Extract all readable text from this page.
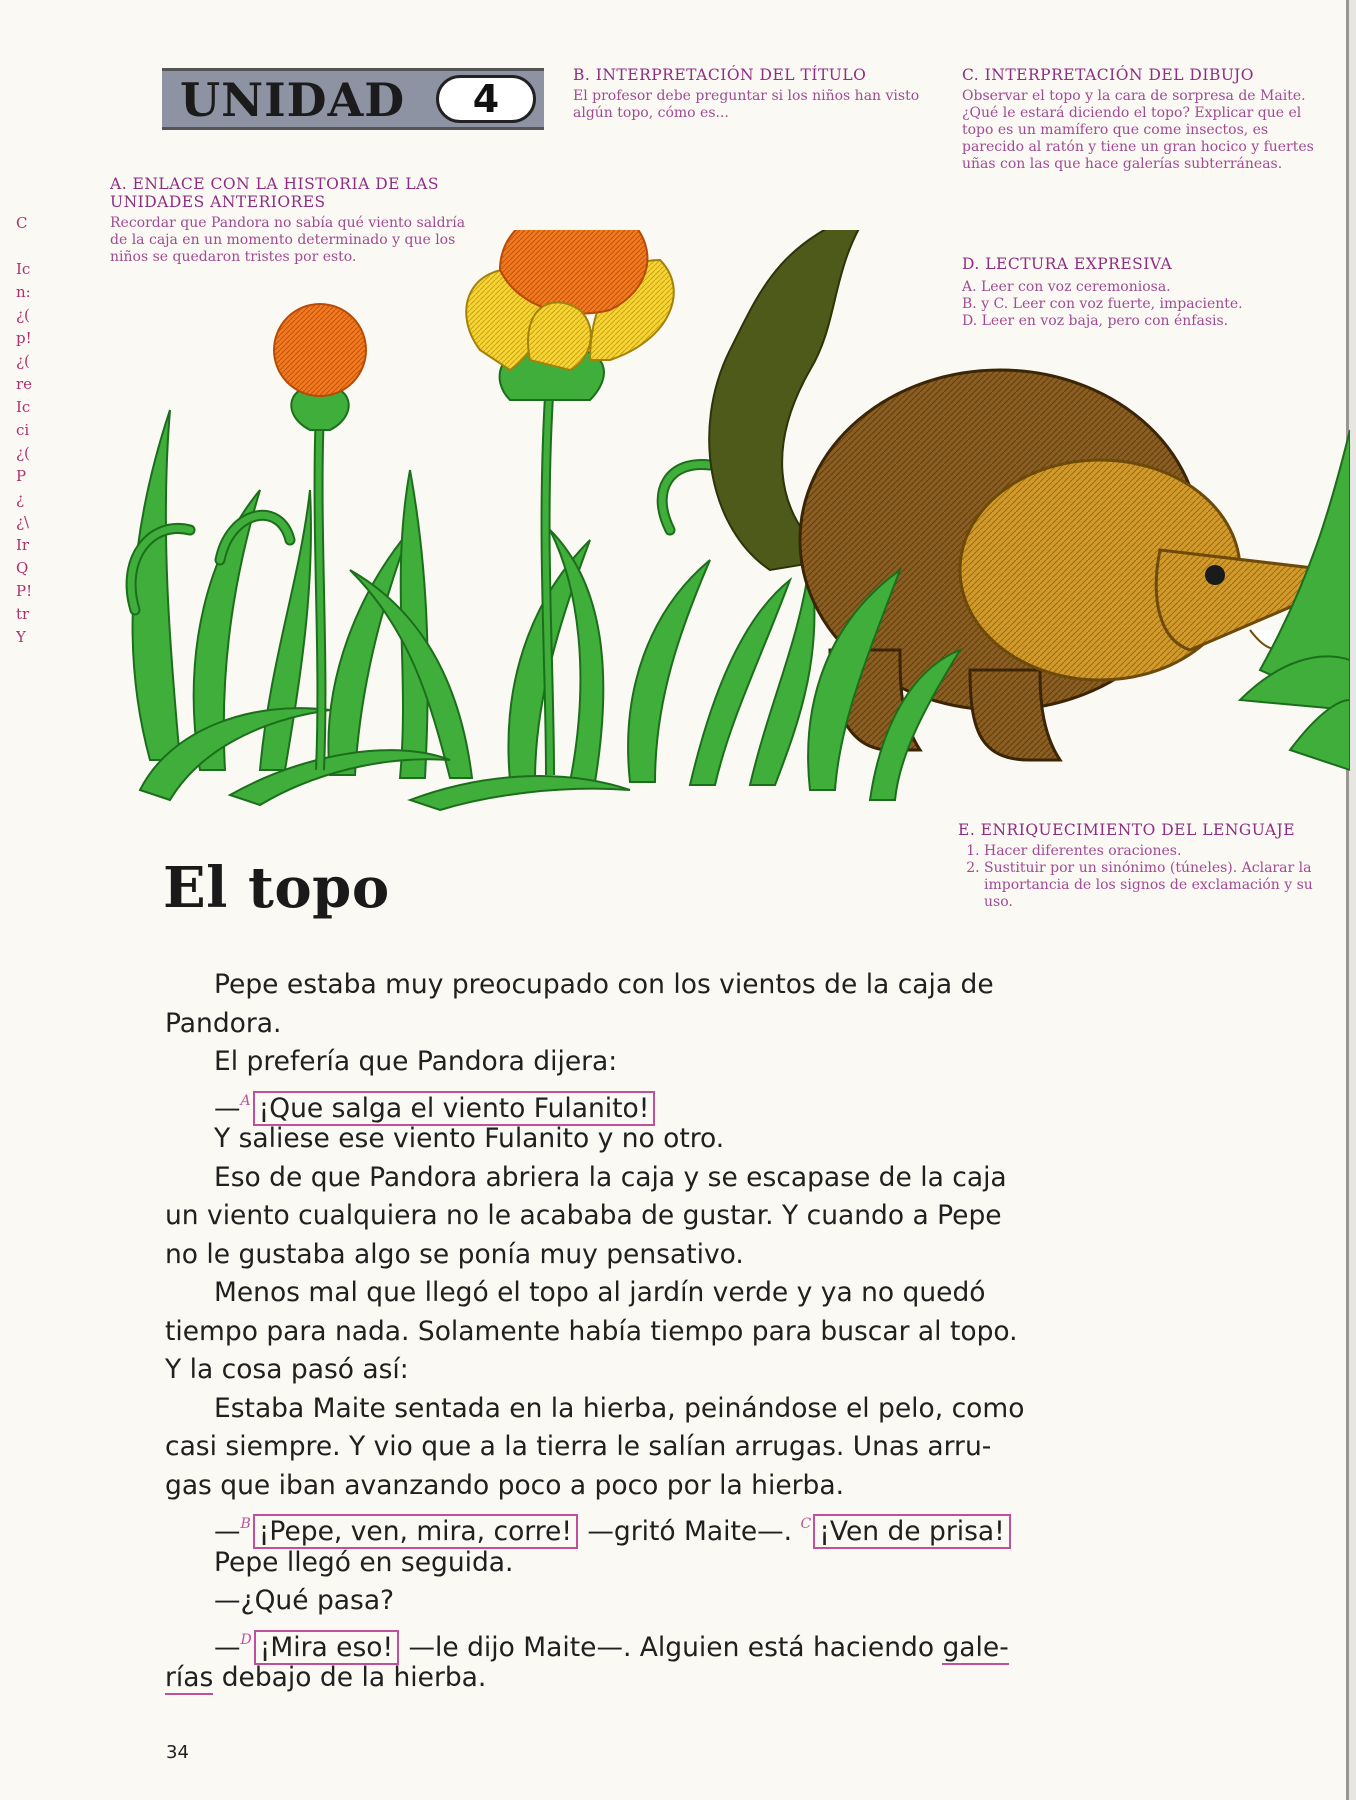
C
Ic
n:
¿(
p!
¿(
re
Ic
ci
¿(
P
¿
¿\
Ir
Q
P!
tr
Y
UNIDAD	4
A. ENLACE CON LA HISTORIA DE LAS UNIDADES ANTERIORES

Recordar que Pandora no sabía qué viento saldría de la caja en un momento determinado y que los niños se quedaron tristes por esto.

B. INTERPRETACIÓN DEL TÍTULO

El profesor debe preguntar si los niños han visto algún topo, cómo es...

C. INTERPRETACIÓN DEL DIBUJO

Observar el topo y la cara de sorpresa de Maite. ¿Qué le estará diciendo el topo? Explicar que el topo es un mamífero que come insectos, es parecido al ratón y tiene un gran hocico y fuertes uñas con las que hace galerías subterráneas.

D. LECTURA EXPRESIVA

A. Leer con voz ceremoniosa.

B. y C. Leer con voz fuerte, impaciente.

D. Leer en voz baja, pero con énfasis.

E. ENRIQUECIMIENTO DEL LENGUAJE
1. Hacer diferentes oraciones.
2. Sustituir por un sinónimo (túneles). Aclarar la importancia de los signos de exclamación y su uso.
El topo
Pepe estaba muy preocupado con los vientos de la caja de
Pandora.
El prefería que Pandora dijera:
—$^A$ ¡Que salga el viento Fulanito!
Y saliese ese viento Fulanito y no otro.
Eso de que Pandora abriera la caja y se escapase de la caja
un viento cualquiera no le acababa de gustar. Y cuando a Pepe
no le gustaba algo se ponía muy pensativo.
Menos mal que llegó el topo al jardín verde y ya no quedó
tiempo para nada. Solamente había tiempo para buscar al topo.
Y la cosa pasó así:
Estaba Maite sentada en la hierba, peinándose el pelo, como
casi siempre. Y vio que a la tierra le salían arrugas. Unas arru-
gas que iban avanzando poco a poco por la hierba.
—$^B$ ¡Pepe, ven, mira, corre! —gritó Maite—. $^C$ ¡Ven de prisa!
Pepe llegó en seguida.
—¿Qué pasa?
—$^D$ ¡Mira eso! —le dijo Maite—. Alguien está haciendo gale-
rías debajo de la hierba.
34
